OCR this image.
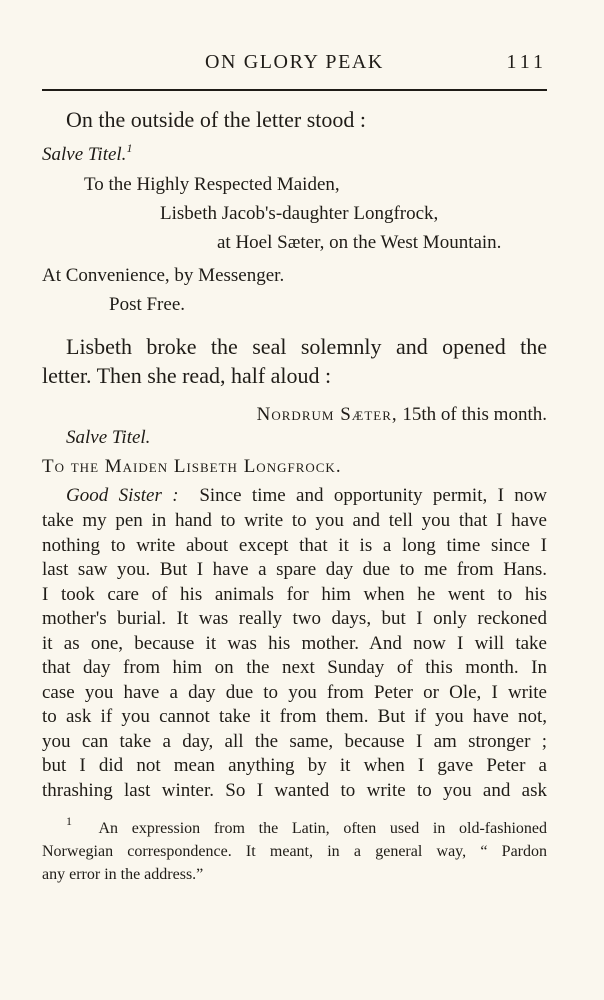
ON GLORY PEAK	111
On the outside of the letter stood :
Salve Titel.$^1$
To the Highly Respected Maiden,
Lisbeth Jacob's-daughter Longfrock,
at Hoel Sæter, on the West Mountain.
At Convenience, by Messenger.
Post Free.
Lisbeth broke the seal solemnly and opened the
letter. Then she read, half aloud :
Nordrum Sæter, 15th of this month.
Salve Titel.
To the Maiden Lisbeth Longfrock.
Good Sister : Since time and opportunity permit, I now
take my pen in hand to write to you and tell you that I have
nothing to write about except that it is a long time since I
last saw you. But I have a spare day due to me from Hans.
I took care of his animals for him when he went to his
mother's burial. It was really two days, but I only reckoned
it as one, because it was his mother. And now I will take
that day from him on the next Sunday of this month. In
case you have a day due to you from Peter or Ole, I write
to ask if you cannot take it from them. But if you have not,
you can take a day, all the same, because I am stronger ;
but I did not mean anything by it when I gave Peter a
thrashing last winter. So I wanted to write to you and ask
$^1$ An expression from the Latin, often used in old-fashioned
Norwegian correspondence. It meant, in a general way, “ Pardon
any error in the address.”
